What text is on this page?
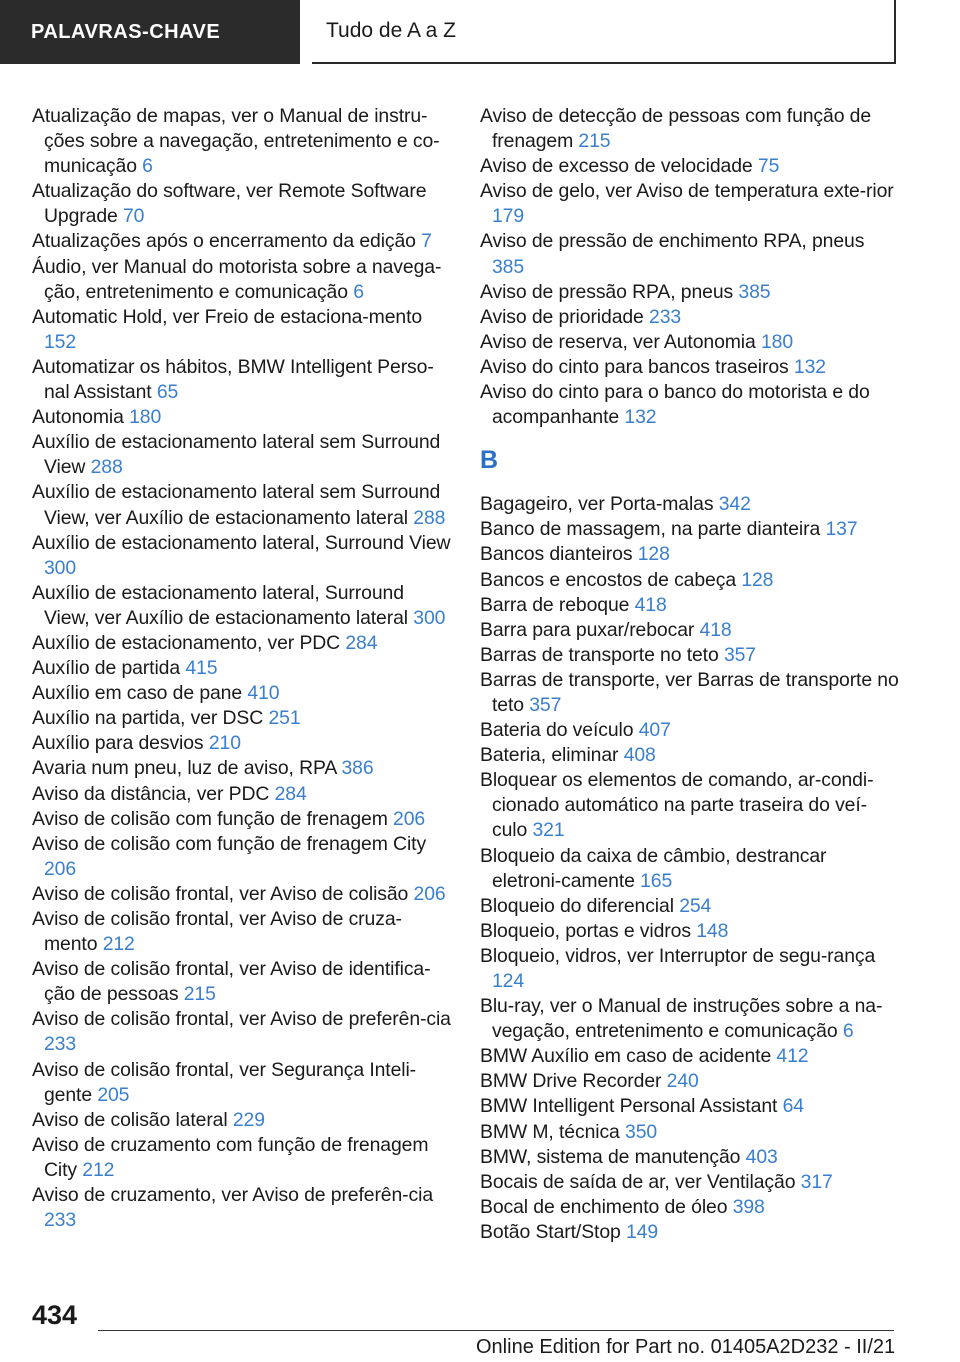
PALAVRAS-CHAVE	Tudo de A a Z

Atualização de mapas, ver o Manual de instru-ções sobre a navegação, entretenimento e co-municação 6

Atualização do software, ver Remote Software Upgrade 70

Atualizações após o encerramento da edição 7

Áudio, ver Manual do motorista sobre a navega-ção, entretenimento e comunicação 6

Automatic Hold, ver Freio de estaciona-mento 152

Automatizar os hábitos, BMW Intelligent Perso-nal Assistant 65

Autonomia 180

Auxílio de estacionamento lateral sem Surround View 288

Auxílio de estacionamento lateral sem Surround View, ver Auxílio de estacionamento lateral 288

Auxílio de estacionamento lateral, Surround View 300

Auxílio de estacionamento lateral, Surround View, ver Auxílio de estacionamento lateral 300

Auxílio de estacionamento, ver PDC 284

Auxílio de partida 415

Auxílio em caso de pane 410

Auxílio na partida, ver DSC 251

Auxílio para desvios 210

Avaria num pneu, luz de aviso, RPA 386

Aviso da distância, ver PDC 284

Aviso de colisão com função de frenagem 206

Aviso de colisão com função de frenagem City 206

Aviso de colisão frontal, ver Aviso de colisão 206

Aviso de colisão frontal, ver Aviso de cruza-mento 212

Aviso de colisão frontal, ver Aviso de identifica-ção de pessoas 215

Aviso de colisão frontal, ver Aviso de preferên-cia 233

Aviso de colisão frontal, ver Segurança Inteli-gente 205

Aviso de colisão lateral 229

Aviso de cruzamento com função de frenagem City 212

Aviso de cruzamento, ver Aviso de preferên-cia 233

Aviso de detecção de pessoas com função de frenagem 215

Aviso de excesso de velocidade 75

Aviso de gelo, ver Aviso de temperatura exte-rior 179

Aviso de pressão de enchimento RPA, pneus 385

Aviso de pressão RPA, pneus 385

Aviso de prioridade 233

Aviso de reserva, ver Autonomia 180

Aviso do cinto para bancos traseiros 132

Aviso do cinto para o banco do motorista e do acompanhante 132

B

Bagageiro, ver Porta-malas 342

Banco de massagem, na parte dianteira 137

Bancos dianteiros 128

Bancos e encostos de cabeça 128

Barra de reboque 418

Barra para puxar/rebocar 418

Barras de transporte no teto 357

Barras de transporte, ver Barras de transporte no teto 357

Bateria do veículo 407

Bateria, eliminar 408

Bloquear os elementos de comando, ar-condi-cionado automático na parte traseira do veí-culo 321

Bloqueio da caixa de câmbio, destrancar eletroni-camente 165

Bloqueio do diferencial 254

Bloqueio, portas e vidros 148

Bloqueio, vidros, ver Interruptor de segu-rança 124

Blu-ray, ver o Manual de instruções sobre a na-vegação, entretenimento e comunicação 6

BMW Auxílio em caso de acidente 412

BMW Drive Recorder 240

BMW Intelligent Personal Assistant 64

BMW M, técnica 350

BMW, sistema de manutenção 403

Bocais de saída de ar, ver Ventilação 317

Bocal de enchimento de óleo 398

Botão Start/Stop 149

434
Online Edition for Part no. 01405A2D232 - II/21
